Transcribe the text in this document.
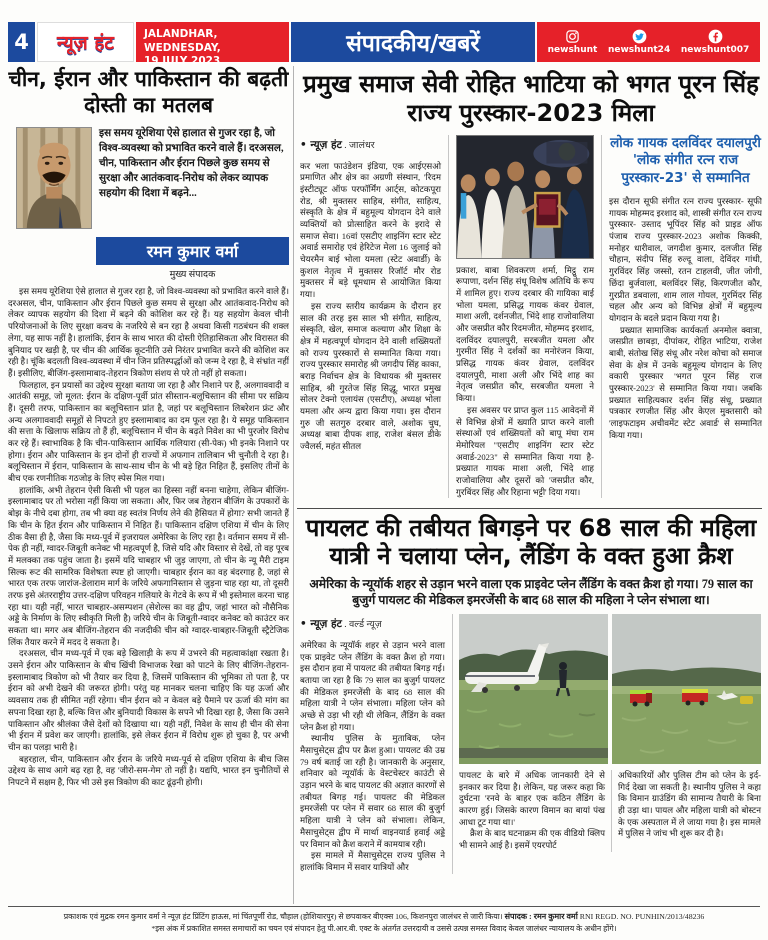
4	न्यूज़ हंट	JALANDHAR, WEDNESDAY,
19 JULY 2023
संपादकीय/खबरें	newshunt newshunt24 newshunt007
चीन, ईरान और पाकिस्तान की बढ़ती दोस्ती का मतलब
इस समय यूरेशिया ऐसे हालात से गुजर रहा है, जो विश्व-व्यवस्था को प्रभावित करने वाले हैं। दरअसल, चीन, पाकिस्तान और ईरान पिछले कुछ समय से सुरक्षा और आतंकवाद-निरोध को लेकर व्यापक सहयोग की दिशा में बढ़ने...
रमन कुमार वर्मा
मुख्य संपादक

इस समय यूरेशिया ऐसे हालात से गुजर रहा है, जो विश्व-व्यवस्था को प्रभावित करने वाले हैं। दरअसल, चीन, पाकिस्तान और ईरान पिछले कुछ समय से सुरक्षा और आतंकवाद-निरोध को लेकर व्यापक सहयोग की दिशा में बढ़ने की कोशिश कर रहे हैं। यह सहयोग केवल चीनी परियोजनाओं के लिए सुरक्षा कवच के नजरिये से बन रहा है अथवा किसी गठबंधन की शक्ल लेगा, यह साफ नहीं है। हालांकि, ईरान के साथ भारत की दोस्ती ऐतिहासिकता और विरासत की बुनियाद पर खड़ी है, पर चीन की आर्थिक कूटनीति उसे निरंतर प्रभावित करने की कोशिश कर रही है। चूंकि बदलती विश्व-व्यवस्था में चीन जिन प्रतिस्पर्द्धाओं को जन्म दे रहा है, वे संभ्रांत नहीं हैं। इसीलिए, बीजिंग-इस्लामाबाद-तेहरान त्रिकोण संशय से परे तो नहीं हो सकता।

फिलहाल, इन प्रयासों का उद्देश्य सुरक्षा बताया जा रहा है और निशाने पर हैं, अलगाववादी व आतंकी समूह, जो मूलत: ईरान के दक्षिण-पूर्वी प्रांत सीस्तान-बलूचिस्तान की सीमा पर सक्रिय हैं। दूसरी तरफ, पाकिस्तान का बलूचिस्तान प्रांत है, जहां पर बलूचिस्तान लिबरेशन फ्रंट और अन्य अलगाववादी समूहों से निपटते हुए इस्लामाबाद का दम फूल रहा है। ये समूह पाकिस्तान की सत्ता के खिलाफ सक्रिय तो हैं ही, बलूचिस्तान में चीन के बढ़ते निवेश का भी पुरजोर विरोध कर रहे हैं। स्वाभाविक है कि चीन-पाकिस्तान आर्थिक गलियारा (सी-पेक) भी इनके निशाने पर होगा। ईरान और पाकिस्तान के इन दोनों ही राज्यों में अफगान तालिबान भी चुनौती दे रहा है। बलूचिस्तान में ईरान, पाकिस्तान के साथ-साथ चीन के भी बड़े हित निहित हैं, इसलिए तीनों के बीच एक रणनीतिक गठजोड़ के लिए स्पेस मिल गया।

हालांकि, अभी तेहरान ऐसी किसी भी पहल का हिस्सा नहीं बनना चाहेगा, लेकिन बीजिंग-इस्लामाबाद पर तो भरोसा नहीं किया जा सकता। और, फिर जब तेहरान बीजिंग के उपकारों के बोझ के नीचे दबा होगा, तब भी क्या वह स्वतंत्र निर्णय लेने की हैसियत में होगा? सभी जानते हैं कि चीन के हित ईरान और पाकिस्तान में निहित हैं। पाकिस्तान दक्षिण एशिया में चीन के लिए ठीक वैसा ही है, जैसा कि मध्य-पूर्व में इजरायल अमेरिका के लिए रहा है। वर्तमान समय में सी-पेक ही नहीं, ग्वादर-जिबूती कनेक्ट भी महत्वपूर्ण है, जिसे यदि और विस्तार से देखें, तो वह पूरब में मलक्का तक पहुंच जाता है। इसमें यदि चाबहार भी जुड़ जाएगा, तो चीन के न्यू मैरी टाइम सिल्क रूट की सामरिक विशेषता स्पष्ट हो जाएगी। चाबहार ईरान का वह बंदरगाह है, जहां से भारत एक तरफ जारांज-डेलाराम मार्ग के जरिये अफगानिस्तान से जुड़ना चाह रहा था, तो दूसरी तरफ इसे अंतरराष्ट्रीय उत्तर-दक्षिण परिवहन गलियारे के गेटवे के रूप में भी इस्तेमाल करना चाह रहा था। यही नहीं, भारत चाबहार-असम्पशन (सेशेल्स का वह द्वीप, जहां भारत को नौसैनिक अड्डे के निर्माण के लिए स्वीकृति मिली है) जरिये चीन के जिबूती-ग्वादर कनेक्ट को काउंटर कर सकता था। मगर अब बीजिंग-तेहरान की नजदीकी चीन को ग्वादर-चाबहार-जिबूती स्ट्रैटेजिक लिंक तैयार करने में मदद दे सकता है।

दरअसल, चीन मध्य-पूर्व में एक बड़े खिलाड़ी के रूप में उभरने की महत्वाकांक्षा रखता है। उसने ईरान और पाकिस्तान के बीच खिंची विभाजक रेखा को पाटने के लिए बीजिंग-तेहरान-इस्लामाबाद त्रिकोण को भी तैयार कर दिया है, जिसमें पाकिस्तान की भूमिका तो पता है, पर ईरान को अभी देखने की जरूरत होगी। परंतु यह मानकर चलना चाहिए कि यह ऊर्जा और व्यवसाय तक ही सीमित नहीं रहेगा। चीन ईरान को न केवल बड़े पैमाने पर ऊर्जा की मांग का सपना दिखा रहा है, बल्कि वित्त और बुनियादी विकास के सपने भी दिखा रहा है, जैसा कि उसने पाकिस्तान और श्रीलंका जैसे देशों को दिखाया था। यही नहीं, निवेश के साथ ही चीन की सेना भी ईरान में प्रवेश कर जाएगी। हालांकि, इसे लेकर ईरान में विरोध शुरू हो चुका है, पर अभी चीन का पलड़ा भारी है।

बहरहाल, चीन, पाकिस्तान और ईरान के जरिये मध्य-पूर्व से दक्षिण एशिया के बीच जिस उद्देश्य के साथ आगे बढ़ रहा है, वह 'जीरो-सम-गेम' तो नहीं है। यद्यपि, भारत इन चुनौतियों से निपटने में सक्षम है, फिर भी उसे इस त्रिकोण की काट ढूंढ़नी होगी।

प्रमुख समाज सेवी रोहित भाटिया को भगत पूरन सिंह राज्य पुरस्कार-2023 मिला
• न्यूज़ हंट . जालंधर

कर भला फाउंडेशन इंडिया, एक आईएसओ प्रमाणित और क्षेत्र का अग्रणी संस्थान, 'रिदम इंस्टीट्यूट ऑफ परफॉर्मिंग आर्ट्स, कोटकपूरा रोड, श्री मुक्तसर साहिब, संगीत, साहित्य, संस्कृति के क्षेत्र में बहुमूल्य योगदान देने वाले व्यक्तियों को प्रोत्साहित करने के इरादे से समाज सेवा। 16वां एसटीए शाइनिंग स्टार स्टेट अवार्ड समारोह एवं हेरिटेज मेला 16 जुलाई को चेयरमैन बाई भोला यमला (स्टेट अवार्डी) के कुशल नेतृत्व में मुक्तसर रिजॉर्ट मौर रोड मुक्तसर में बड़े धूमधाम से आयोजित किया गया।

इस राज्य स्तरीय कार्यक्रम के दौरान हर साल की तरह इस साल भी संगीत, साहित्य, संस्कृति, खेल, समाज कल्याण और शिक्षा के क्षेत्र में महत्वपूर्ण योगदान देने वाली शख्सियतों को राज्य पुरस्कारों से सम्मानित किया गया। राज्य पुरस्कार समारोह श्री जगदीप सिंह काका, बराड़ निर्वाचन क्षेत्र के विधायक श्री मुक्तसर साहिब, श्री गुरतेज सिंह सिद्धू, भारत प्रमुख सोलर टेक्नो एलायंस (एसटीए), अध्यक्ष भोला यमला और अन्य द्वारा किया गया। इस दौरान गुरु जी सतगुरु दरबार वाले, अशोक चुघ, अध्यक्ष बाबा दीपक शाह, राजेश बंसल डीके ज्वैलर्स, महंत सीतल

प्रकाश, बाबा शिवकरण शर्मा, मिट्ठू राम रूपाणा, दर्शन सिंह संधू विशेष अतिथि के रूप में शामिल हुए। राज्य दरबार की गायिका बाई भोला यमला, प्रसिद्ध गायक कंवर ग्रेवाल, माशा अली, दर्शनजीत, भिंदे शाह राजोवालिया और जसप्रीत कौर रिदमजीत, मोहम्मद इरशाद, दलविंदर दयालपुरी, सरबजीत यमला और गुरमीत सिंह ने दर्शकों का मनोरंजन किया, प्रसिद्ध गायक कंवर ग्रेवाल, दलविंदर दयालपुरी, माशा अली और भिंदे शाह का नेतृत्व जसप्रीत कौर, सरबजीत यमला ने किया।

इस अवसर पर प्राप्त कुल 115 आवेदनों में से विभिन्न क्षेत्रों में ख्याति प्राप्त करने वाली संस्थाओं एवं शख्सियतों को बापू मंघा राम मेमोरियल "एसटीए शाइनिंग स्टार स्टेट अवार्ड-2023" से सम्मानित किया गया है- प्रख्यात गायक माशा अली, भिंदे शाह राजोवालिया और दूसरों को 'जसप्रीत कौर, गुरबिंदर सिंह और रिहाना भट्टी' दिया गया।

लोक गायक दलविंदर दयालपुरी 'लोक संगीत रत्न राज पुरस्कार-23' से सम्मानित

इस दौरान सूफी संगीत रत्न राज्य पुरस्कार- सूफी गायक मोहम्मद इरशाद को, शास्त्री संगीत रत्न राज्य पुरस्कार- उस्ताद भूपिंदर सिंह को प्राइड ऑफ पंजाब राज्य पुरस्कार-2023 अशोक किक्की, मनोहर धारीवाल, जगदीश कुमार, दलजीत सिंह चौहान, संदीप सिंह रुल्दू वाला, देविंदर गांधी, गुरविंदर सिंह जस्सो, रतन टाहलवी, जीत जोगी, छिंदा बुर्जवाला, बलविंदर सिंह, किरणजीत कौर, गुरप्रीत डबवाला, शाम लाल गोयल, गुरमिंदर सिंह चहल और अन्य को विभिन्न क्षेत्रों में बहुमूल्य योगदान के बदले प्रदान किया गया है।

प्रख्यात सामाजिक कार्यकर्ता अनमोल क्वात्रा, जसप्रीत छाबड़ा, दीपांकर, रोहित भाटिया, राजेश बाबी, संतोख सिंह संधू और नरेश कोचा को समाज सेवा के क्षेत्र में उनके बहुमूल्य योगदान के लिए वकारी पुरस्कार 'भगत पूरन सिंह राज पुरस्कार-2023' से सम्मानित किया गया। जबकि प्रख्यात साहित्यकार दर्शन सिंह संधू, प्रख्यात पत्रकार रणजीत सिंह और केएल मुक्तसारी को 'लाइफटाइम अचीवमेंट स्टेट अवार्ड' से सम्मानित किया गया।

पायलट की तबीयत बिगड़ने पर 68 साल की महिला यात्री ने चलाया प्लेन, लैंडिंग के वक्त हुआ क्रैश
अमेरिका के न्यूयॉर्क शहर से उड़ान भरने वाला एक प्राइवेट प्लेन लैंडिंग के वक्त क्रैश हो गया। 79 साल का बुजुर्ग पायलट की मेडिकल इमरजेंसी के बाद 68 साल की महिला ने प्लेन संभाला था।
• न्यूज़ हंट . वर्ल्ड न्यूज़

अमेरिका के न्यूयॉर्क शहर से उड़ान भरने वाला एक प्राइवेट प्लेन लैंडिंग के वक्त क्रैश हो गया। इस दौरान हवा में पायलट की तबीयत बिगड़ गई। बताया जा रहा है कि 79 साल का बुजुर्ग पायलट की मेडिकल इमरजेंसी के बाद 68 साल की महिला यात्री ने प्लेन संभाला। महिला प्लेन को अच्छे से उड़ा भी रही थी लेकिन, लैंडिंग के वक्त प्लेन क्रैश हो गया।

स्थानीय पुलिस के मुताबिक, प्लेन मैसाचुसेट्स द्वीप पर क्रैश हुआ। पायलट की उम्र 79 वर्ष बताई जा रही है। जानकारी के अनुसार, शनिवार को न्यूयॉर्क के वेस्टचेस्टर काउंटी से उड़ान भरने के बाद पायलट की अज्ञात कारणों से तबीयत बिगड़ गई। पायलट की मेडिकल इमरजेंसी पर प्लेन में सवार 68 साल की बुजुर्ग महिला यात्री ने प्लेन को संभाला। लेकिन, मैसाचुसेट्स द्वीप में मार्था वाइनयार्ड हवाई अड्डे पर विमान को क्रैश कराने में कामयाब रही।

इस मामले में मैसाचुसेट्स राज्य पुलिस ने हालांकि विमान में सवार यात्रियों और

पायलट के बारे में अधिक जानकारी देने से इनकार कर दिया है। लेकिन, यह जरूर कहा कि दुर्घटना 'रनवे के बाहर एक कठिन लैंडिंग के कारण हुई। जिसके कारण विमान का बायां पंख आधा टूट गया था।'

क्रैश के बाद घटनाक्रम की एक वीडियो क्लिप भी सामने आई है। इसमें एयरपोर्ट

अधिकारियों और पुलिस टीम को प्लेन के इर्द-गिर्द देखा जा सकती है। स्थानीय पुलिस ने कहा कि विमान ग्राउंडिंग की सामान्य तैयारी के बिना ही उड़ा था। पायल और महिला यात्री को बोस्टन के एक अस्पताल में ले जाया गया है। इस मामले में पुलिस ने जांच भी शुरू कर दी है।

प्रकाशक एवं मुद्रक रमन कुमार वर्मा ने न्यूज़ हंट प्रिंटिंग हाऊस, मां चिंतपूर्णी रोड, चौहाल (होशियारपुर) से छपवाकर बीएक्स 106, किशनपुरा जालंधर से जारी किया। संपादक : रमन कुमार वर्मा RNI REGD. NO. PUNHIN/2013/48236
*इस अंक में प्रकाशित समस्त समाचारों का चयन एवं संपादन हेतु पी.आर.बी. एक्ट के अंतर्गत उत्तरदायी व उससे उत्पन्न समस्त विवाद केवल जालंधर न्यायालय के अधीन होंगे।
